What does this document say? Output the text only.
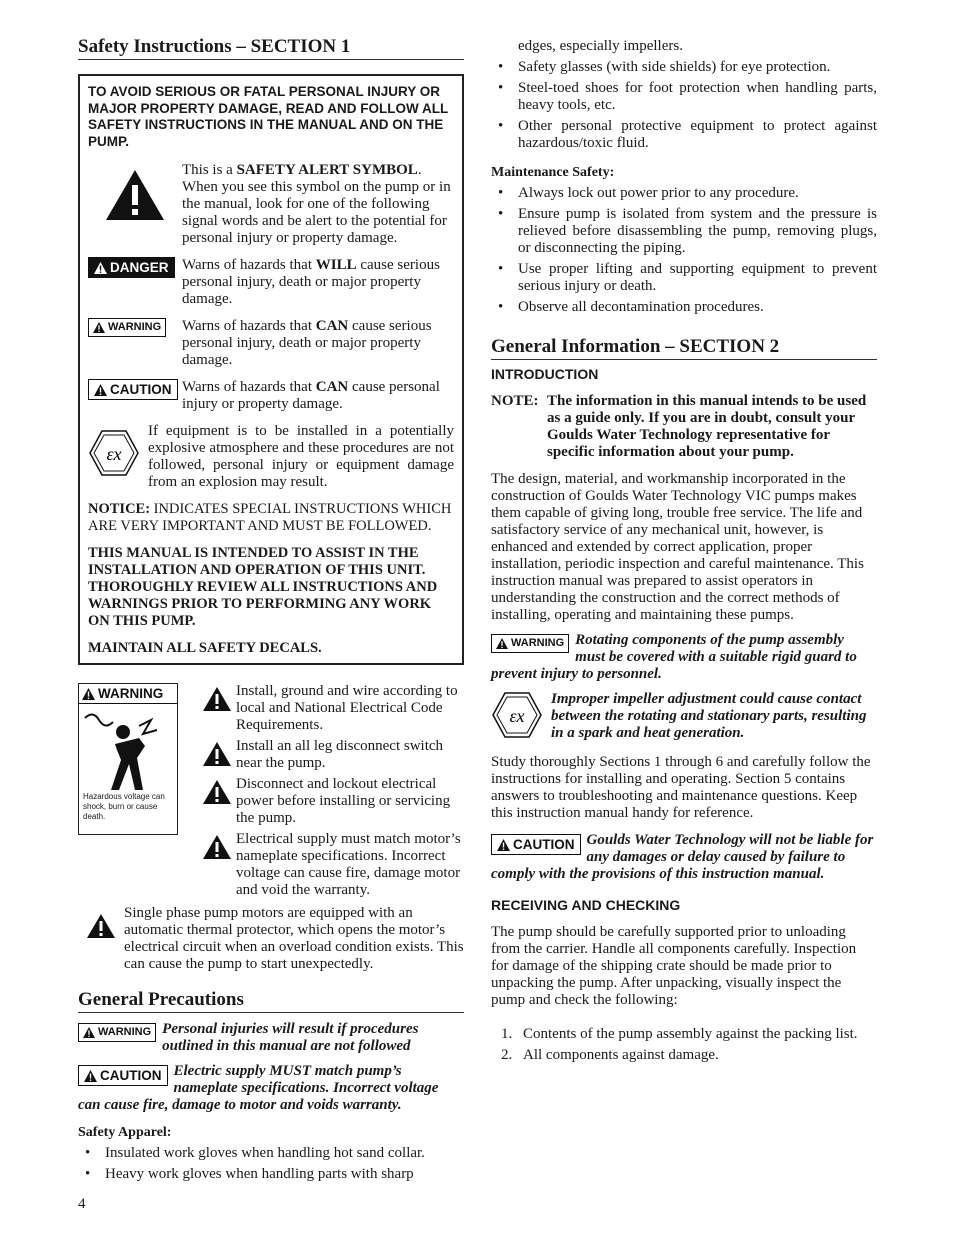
Safety Instructions – SECTION 1
TO AVOID SERIOUS OR FATAL PERSONAL INJURY OR MAJOR PROPERTY DAMAGE, READ AND FOLLOW ALL SAFETY INSTRUCTIONS IN THE MANUAL AND ON THE PUMP.
This is a SAFETY ALERT SYMBOL. When you see this symbol on the pump or in the manual, look for one of the following signal words and be alert to the potential for personal injury or property damage.
DANGER Warns of hazards that WILL cause serious personal injury, death or major property damage.
WARNING Warns of hazards that CAN cause serious personal injury, death or major property damage.
CAUTION Warns of hazards that CAN cause personal injury or property damage.
εx
If equipment is to be installed in a potentially explosive atmosphere and these procedures are not followed, personal injury or equipment damage from an explosion may result.

NOTICE: INDICATES SPECIAL INSTRUCTIONS WHICH ARE VERY IMPORTANT AND MUST BE FOLLOWED.

THIS MANUAL IS INTENDED TO ASSIST IN THE INSTALLATION AND OPERATION OF THIS UNIT. THOROUGHLY REVIEW ALL INSTRUCTIONS AND WARNINGS PRIOR TO PERFORMING ANY WORK ON THIS PUMP.

MAINTAIN ALL SAFETY DECALS.

WARNING
Hazardous voltage can shock, burn or cause death.
Install, ground and wire according to local and National Electrical Code Requirements.
Install an all leg disconnect switch near the pump.
Disconnect and lockout electrical power before installing or servicing the pump.
Electrical supply must match motor’s nameplate specifications. Incorrect voltage can cause fire, damage motor and void the warranty.
Single phase pump motors are equipped with an automatic thermal protector, which opens the motor’s electrical circuit when an overload condition exists. This can cause the pump to start unexpectedly.
General Precautions
WARNING Personal injuries will result if procedures outlined in this manual are not followed
CAUTION Electric supply MUST match pump’s nameplate specifications. Incorrect voltage can cause fire, damage to motor and voids warranty.

Safety Apparel:

• Insulated work gloves when handling hot sand collar.
• Heavy work gloves when handling parts with sharp

edges, especially impellers.

• Safety glasses (with side shields) for eye protection.
• Steel-toed shoes for foot protection when handling parts, heavy tools, etc.
• Other personal protective equipment to protect against hazardous/toxic fluid.

Maintenance Safety:

• Always lock out power prior to any procedure.
• Ensure pump is isolated from system and the pressure is relieved before disassembling the pump, removing plugs, or disconnecting the piping.
• Use proper lifting and supporting equipment to prevent serious injury or death.
• Observe all decontamination procedures.
General Information – SECTION 2
INTRODUCTION
NOTE: The information in this manual intends to be used as a guide only. If you are in doubt, consult your Goulds Water Technology representative for specific information about your pump.

The design, material, and workmanship incorporated in the construction of Goulds Water Technology VIC pumps makes them capable of giving long, trouble free service. The life and satisfactory service of any mechanical unit, however, is enhanced and extended by correct application, proper installation, periodic inspection and careful maintenance. This instruction manual was prepared to assist operators in understanding the construction and the correct methods of installing, operating and maintaining these pumps.

WARNING Rotating components of the pump assembly must be covered with a suitable rigid guard to prevent injury to personnel.
εx
Improper impeller adjustment could cause contact between the rotating and stationary parts, resulting in a spark and heat generation.

Study thoroughly Sections 1 through 6 and carefully follow the instructions for installing and operating. Section 5 contains answers to troubleshooting and maintenance questions. Keep this instruction manual handy for reference.

CAUTION Goulds Water Technology will not be liable for any damages or delay caused by failure to comply with the provisions of this instruction manual.
RECEIVING AND CHECKING

The pump should be carefully supported prior to unloading from the carrier. Handle all components carefully. Inspection for damage of the shipping crate should be made prior to unpacking the pump. After unpacking, visually inspect the pump and check the following:

1. Contents of the pump assembly against the packing list.
2. All components against damage.
4
